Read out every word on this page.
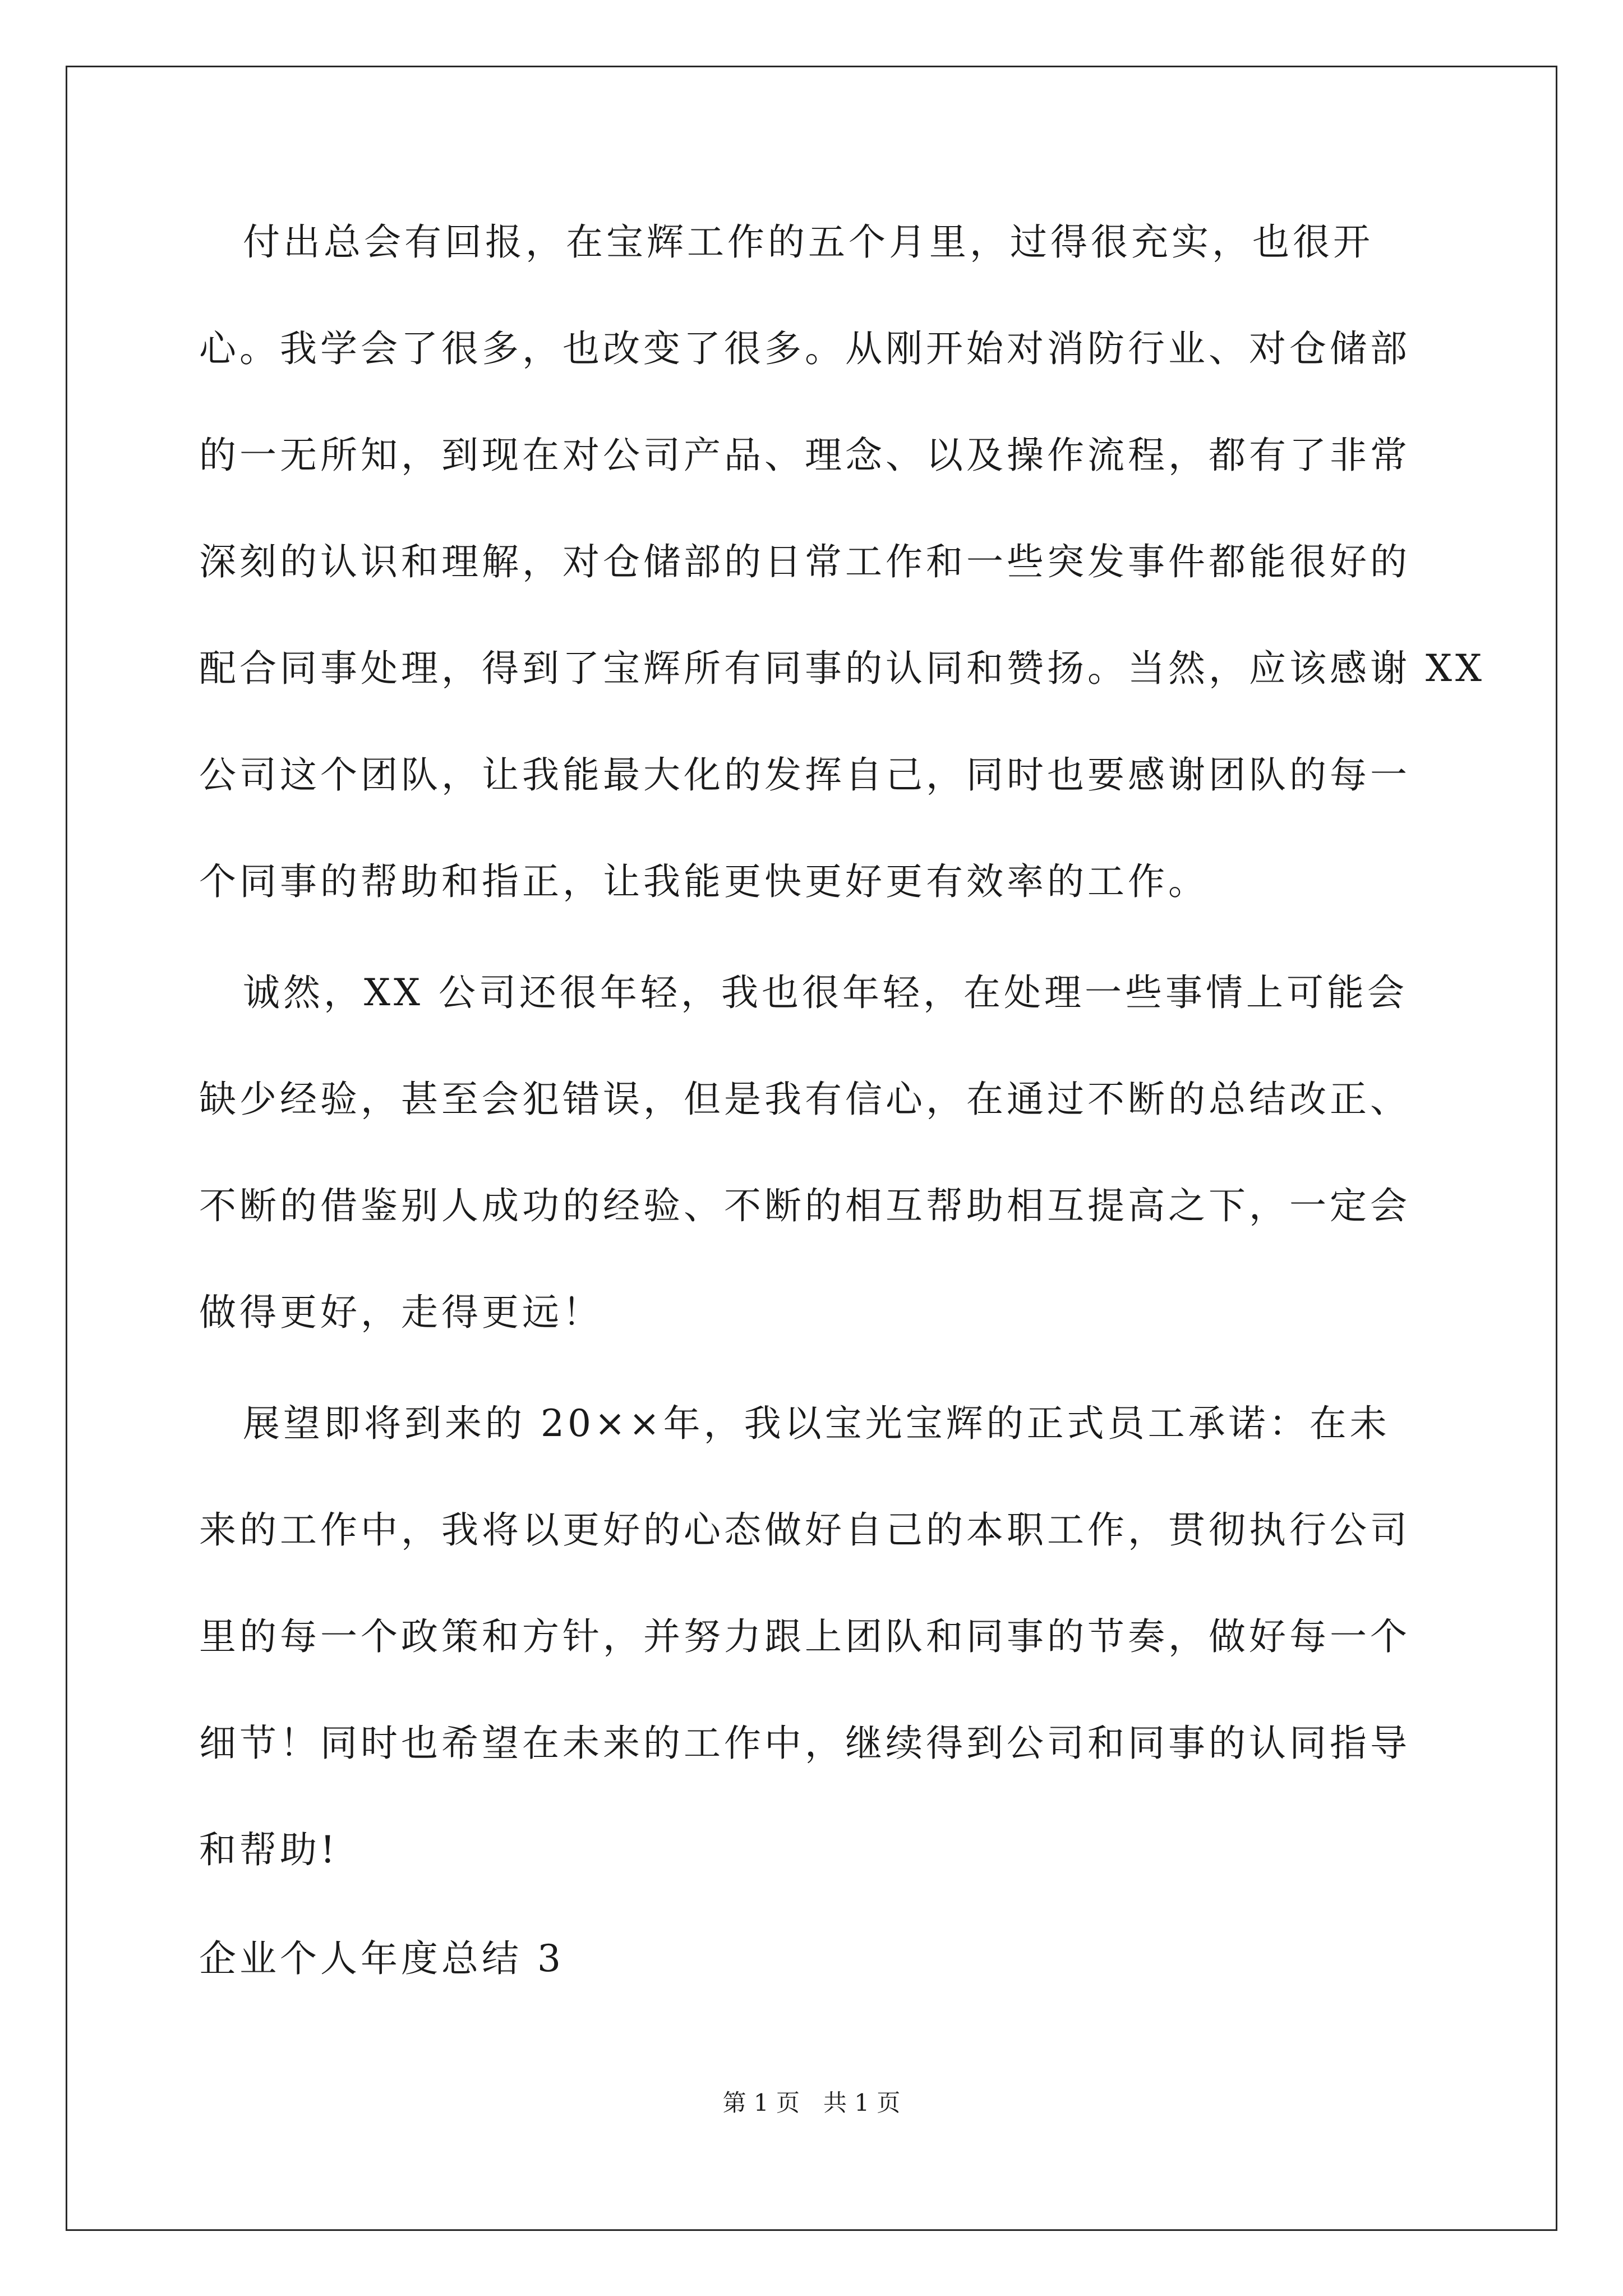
付出总会有回报，在宝辉工作的五个月里，过得很充实，也很开
心。我学会了很多，也改变了很多。从刚开始对消防行业、对仓储部
的一无所知，到现在对公司产品、理念、以及操作流程，都有了非常
深刻的认识和理解，对仓储部的日常工作和一些突发事件都能很好的
配合同事处理，得到了宝辉所有同事的认同和赞扬。当然，应该感谢 XX
公司这个团队，让我能最大化的发挥自己，同时也要感谢团队的每一
个同事的帮助和指正，让我能更快更好更有效率的工作。
诚然，XX 公司还很年轻，我也很年轻，在处理一些事情上可能会
缺少经验，甚至会犯错误，但是我有信心，在通过不断的总结改正、
不断的借鉴别人成功的经验、不断的相互帮助相互提高之下，一定会
做得更好，走得更远！
展望即将到来的 20××年，我以宝光宝辉的正式员工承诺：在未
来的工作中，我将以更好的心态做好自己的本职工作，贯彻执行公司
里的每一个政策和方针，并努力跟上团队和同事的节奏，做好每一个
细节！同时也希望在未来的工作中，继续得到公司和同事的认同指导
和帮助!
企业个人年度总结 3
第 1 页　共 1 页
